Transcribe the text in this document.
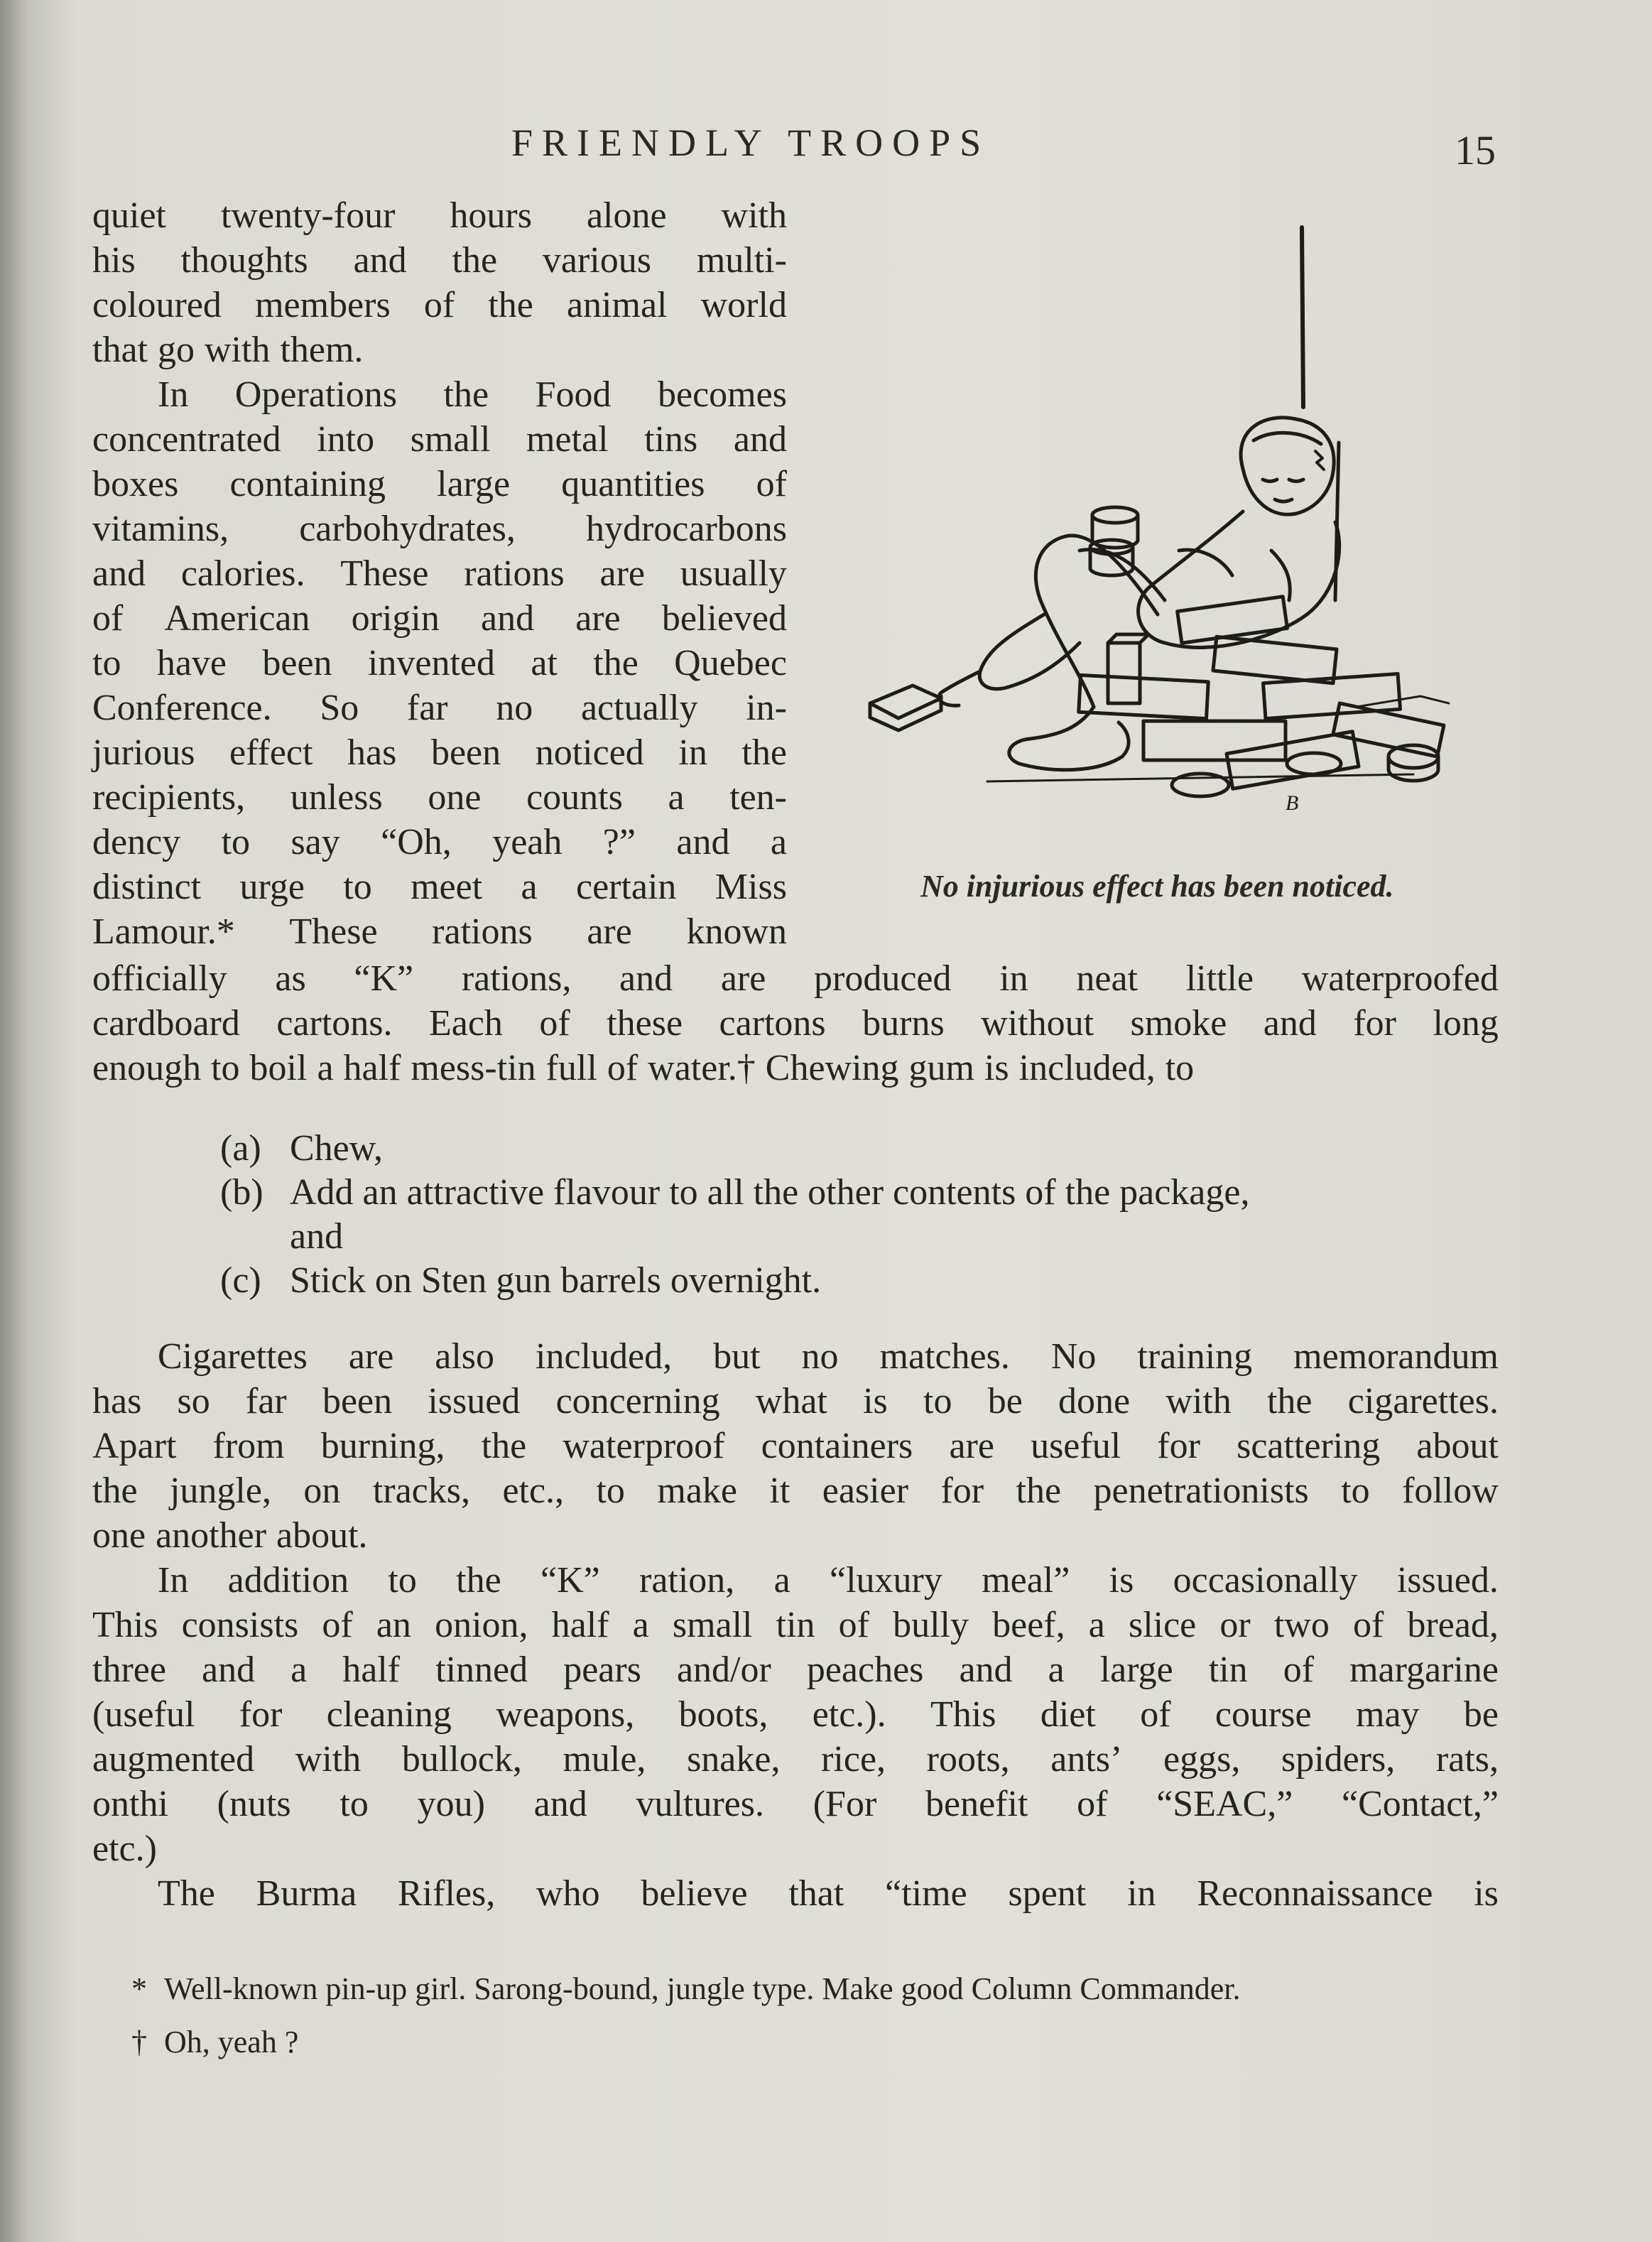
FRIENDLY TROOPS	15
quiet twenty-four hours alone with
his thoughts and the various multi-
coloured members of the animal world
that go with them.
In Operations the Food becomes
concentrated into small metal tins and
boxes containing large quantities of
vitamins, carbohydrates, hydrocarbons
and calories. These rations are usually
of American origin and are believed
to have been invented at the Quebec
Conference. So far no actually in-
jurious effect has been noticed in the
recipients, unless one counts a ten-
dency to say “Oh, yeah ?” and a
distinct urge to meet a certain Miss
Lamour.* These rations are known
B
No injurious effect has been noticed.
officially as “K” rations, and are produced in neat little waterproofed
cardboard cartons. Each of these cartons burns without smoke and for long
enough to boil a half mess-tin full of water.† Chewing gum is included, to
(a) Chew,
(b) Add an attractive flavour to all the other contents of the package,
and
(c) Stick on Sten gun barrels overnight.
Cigarettes are also included, but no matches. No training memorandum
has so far been issued concerning what is to be done with the cigarettes.
Apart from burning, the waterproof containers are useful for scattering about
the jungle, on tracks, etc., to make it easier for the penetrationists to follow
one another about.
In addition to the “K” ration, a “luxury meal” is occasionally issued.
This consists of an onion, half a small tin of bully beef, a slice or two of bread,
three and a half tinned pears and/or peaches and a large tin of margarine
(useful for cleaning weapons, boots, etc.). This diet of course may be
augmented with bullock, mule, snake, rice, roots, ants’ eggs, spiders, rats,
onthi (nuts to you) and vultures. (For benefit of “SEAC,” “Contact,”
etc.)
The Burma Rifles, who believe that “time spent in Reconnaissance is
* Well-known pin-up girl. Sarong-bound, jungle type. Make good Column Commander.
† Oh, yeah ?
